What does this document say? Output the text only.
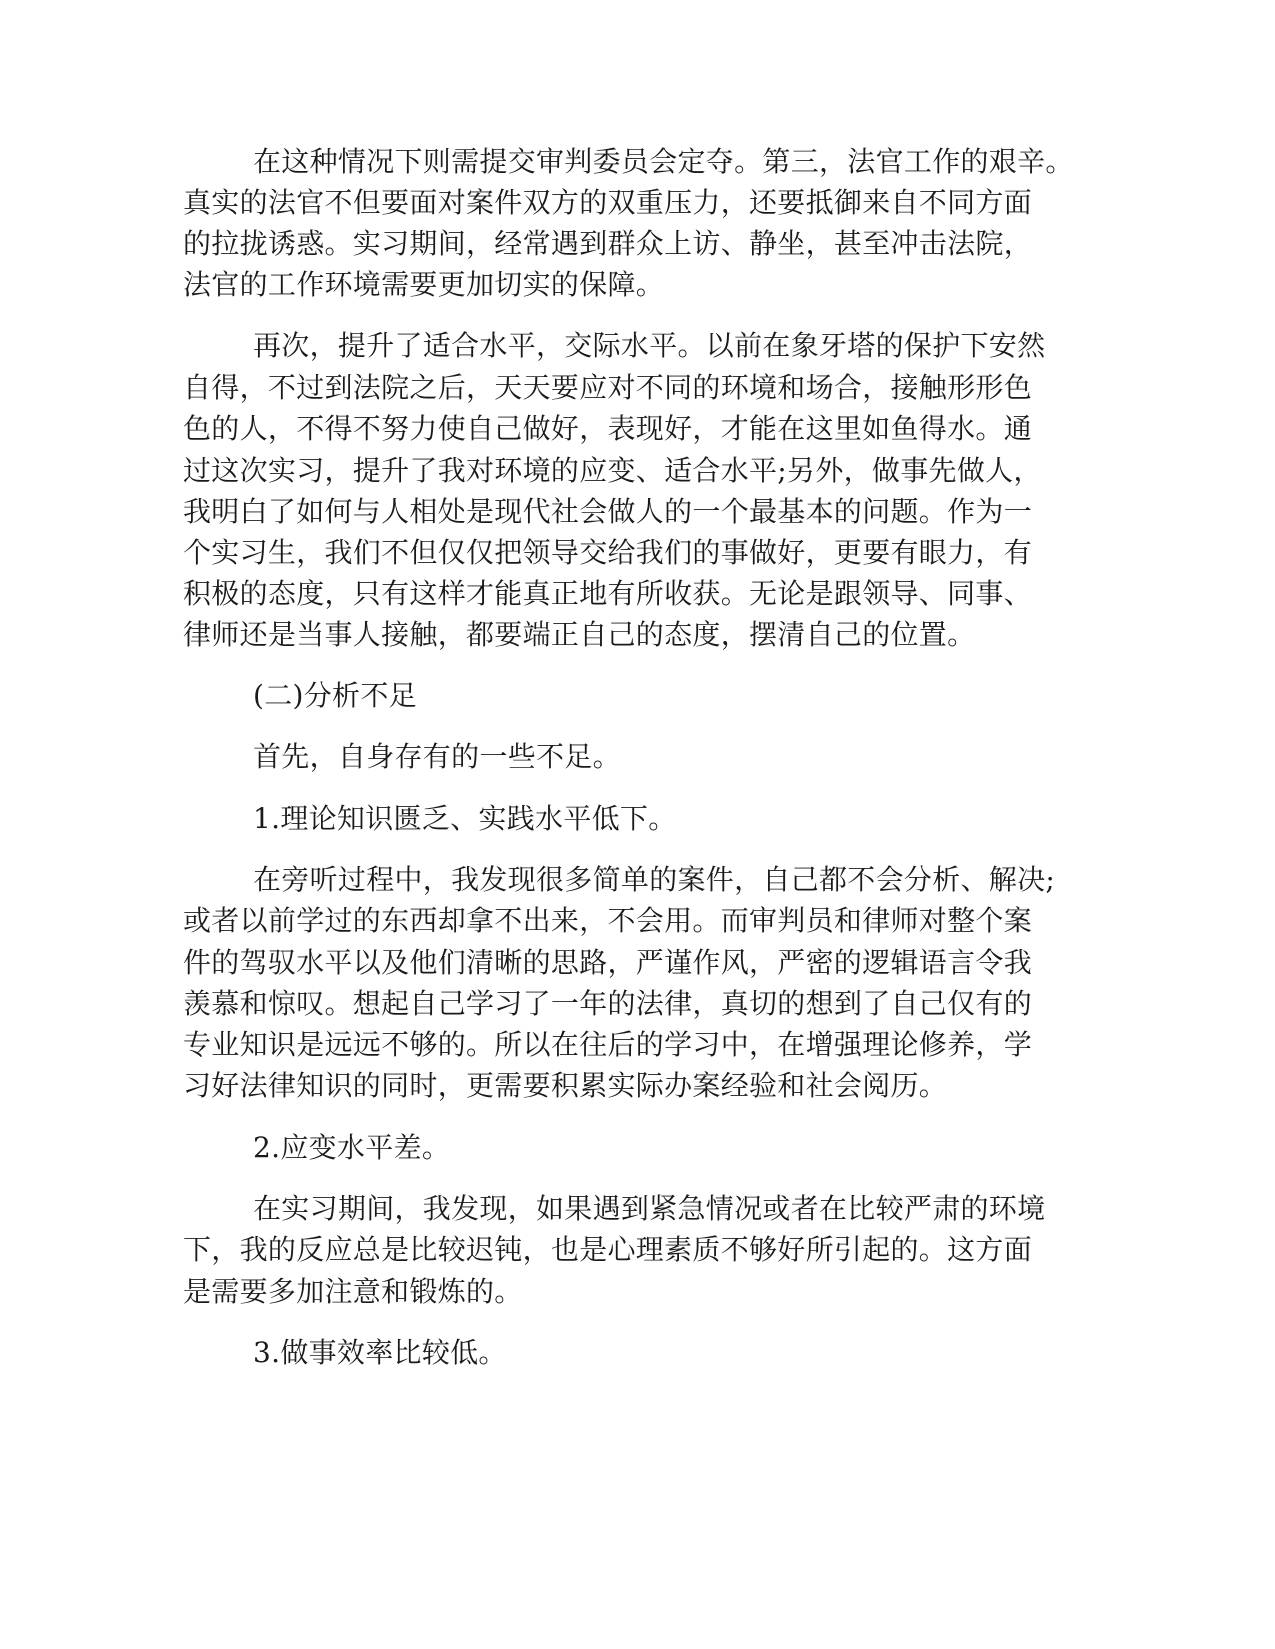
在这种情况下则需提交审判委员会定夺。第三，法官工作的艰辛。
真实的法官不但要面对案件双方的双重压力，还要抵御来自不同方面
的拉拢诱惑。实习期间，经常遇到群众上访、静坐，甚至冲击法院，
法官的工作环境需要更加切实的保障。
再次，提升了适合水平，交际水平。以前在象牙塔的保护下安然
自得，不过到法院之后，天天要应对不同的环境和场合，接触形形色
色的人，不得不努力使自己做好，表现好，才能在这里如鱼得水。通
过这次实习，提升了我对环境的应变、适合水平;另外，做事先做人，
我明白了如何与人相处是现代社会做人的一个最基本的问题。作为一
个实习生，我们不但仅仅把领导交给我们的事做好，更要有眼力，有
积极的态度，只有这样才能真正地有所收获。无论是跟领导、同事、
律师还是当事人接触，都要端正自己的态度，摆清自己的位置。
(二)分析不足
首先，自身存有的一些不足。
1.理论知识匮乏、实践水平低下。
在旁听过程中，我发现很多简单的案件，自己都不会分析、解决;
或者以前学过的东西却拿不出来，不会用。而审判员和律师对整个案
件的驾驭水平以及他们清晰的思路，严谨作风，严密的逻辑语言令我
羡慕和惊叹。想起自己学习了一年的法律，真切的想到了自己仅有的
专业知识是远远不够的。所以在往后的学习中，在增强理论修养，学
习好法律知识的同时，更需要积累实际办案经验和社会阅历。
2.应变水平差。
在实习期间，我发现，如果遇到紧急情况或者在比较严肃的环境
下，我的反应总是比较迟钝，也是心理素质不够好所引起的。这方面
是需要多加注意和锻炼的。
3.做事效率比较低。
